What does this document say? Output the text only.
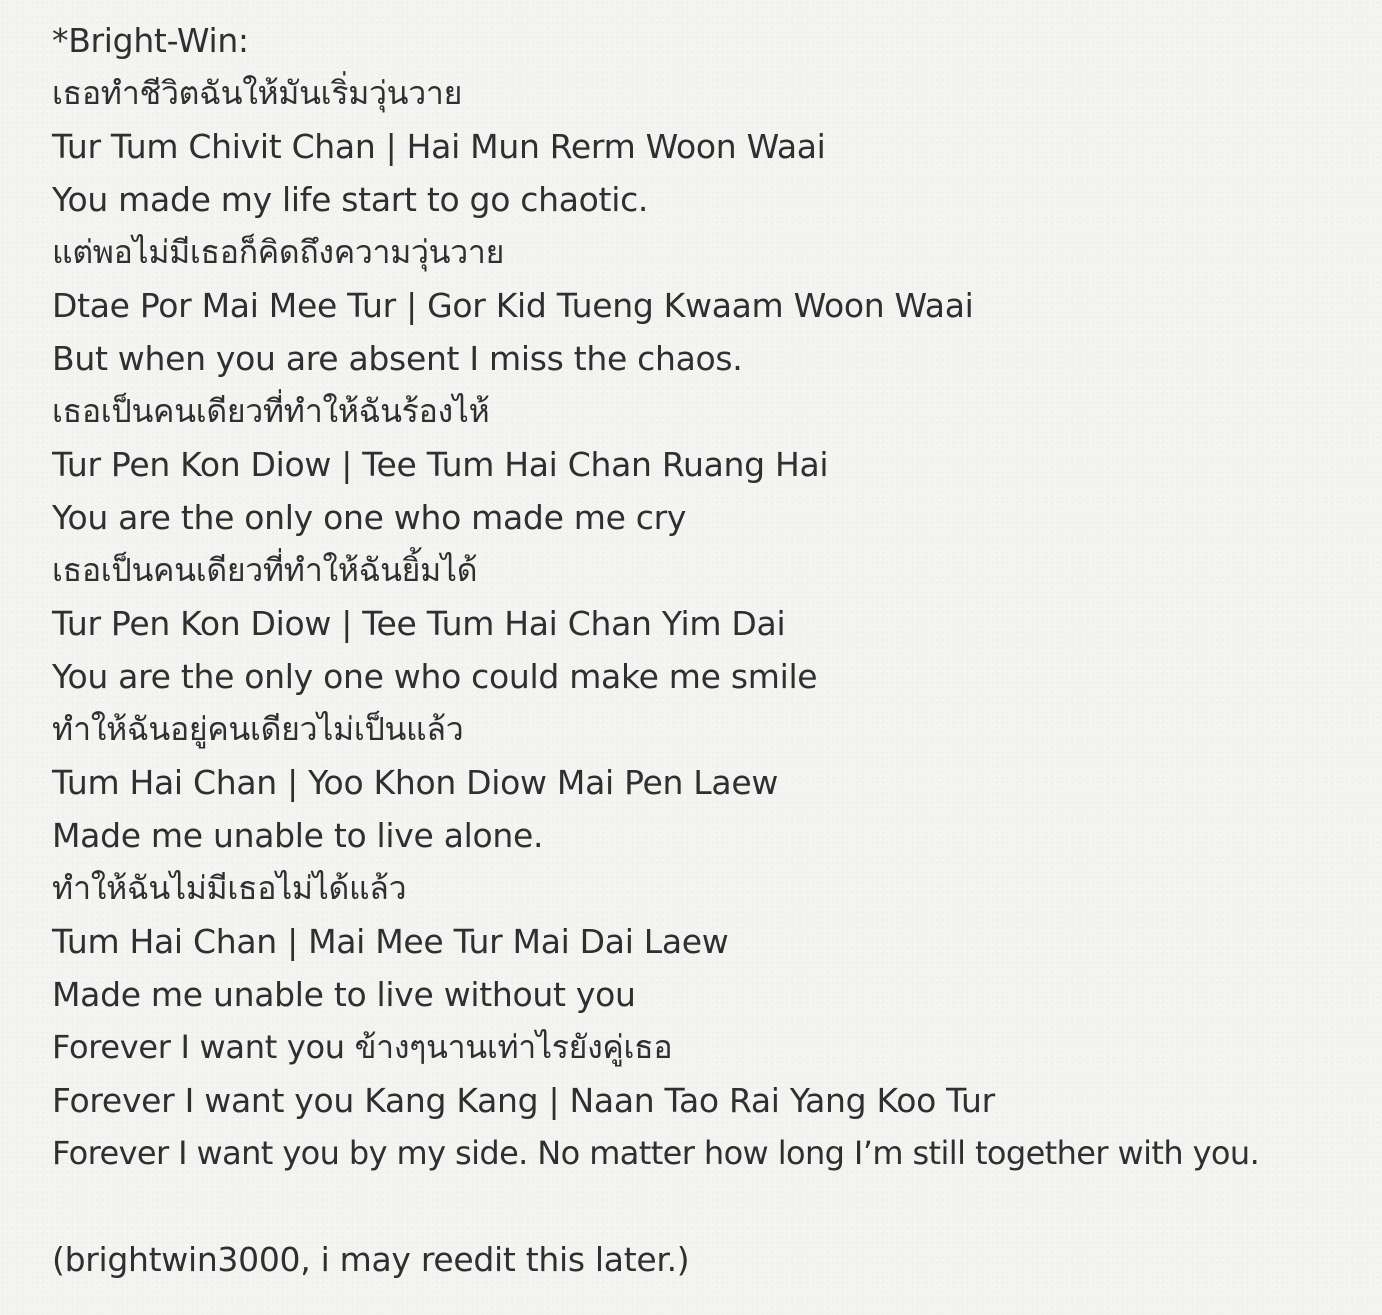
*Bright-Win:
เธอทำชีวิตฉันให้มันเริ่มวุ่นวาย
Tur Tum Chivit Chan | Hai Mun Rerm Woon Waai
You made my life start to go chaotic.
แต่พอไม่มีเธอก็คิดถึงความวุ่นวาย
Dtae Por Mai Mee Tur | Gor Kid Tueng Kwaam Woon Waai
But when you are absent I miss the chaos.
เธอเป็นคนเดียวที่ทำให้ฉันร้องไห้
Tur Pen Kon Diow | Tee Tum Hai Chan Ruang Hai
You are the only one who made me cry
เธอเป็นคนเดียวที่ทำให้ฉันยิ้มได้
Tur Pen Kon Diow | Tee Tum Hai Chan Yim Dai
You are the only one who could make me smile
ทำให้ฉันอยู่คนเดียวไม่เป็นแล้ว
Tum Hai Chan | Yoo Khon Diow Mai Pen Laew
Made me unable to live alone.
ทำให้ฉันไม่มีเธอไม่ได้แล้ว
Tum Hai Chan | Mai Mee Tur Mai Dai Laew
Made me unable to live without you
Forever I want you ข้างๆนานเท่าไรยังคู่เธอ
Forever I want you Kang Kang | Naan Tao Rai Yang Koo Tur
Forever I want you by my side. No matter how long I’m still together with you.
(brightwin3000, i may reedit this later.)
